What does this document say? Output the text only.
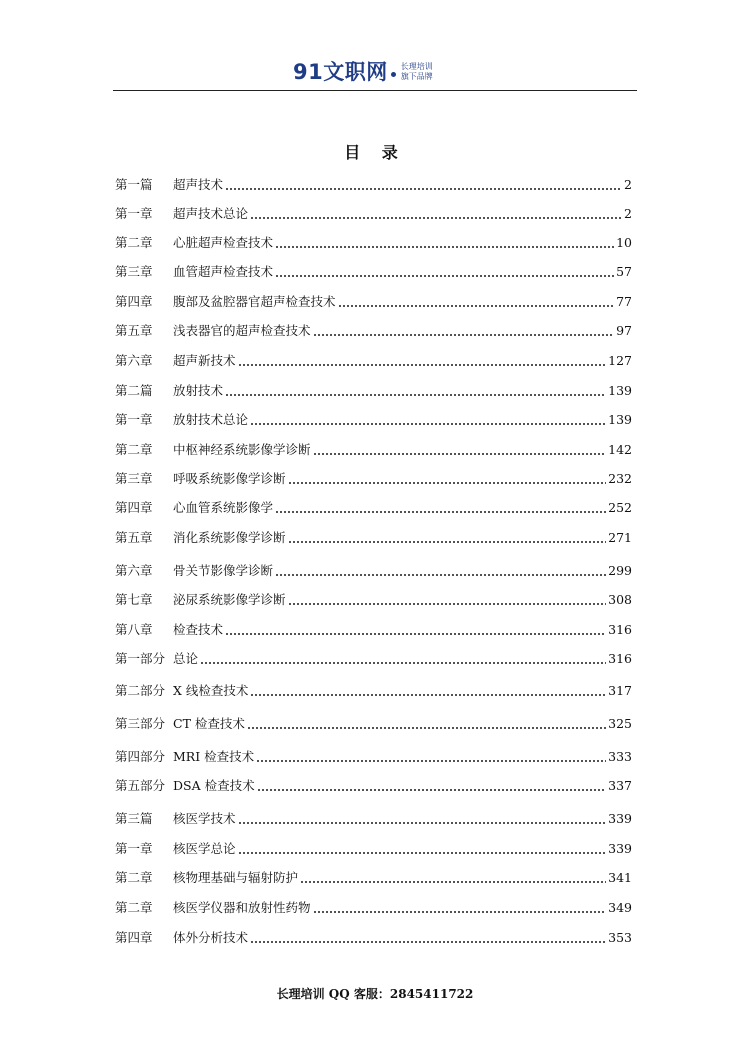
91文职网 长理培训
旗下品牌
目 录
第一篇	超声技术	2
第一章	超声技术总论	2
第二章	心脏超声检查技术	10
第三章	血管超声检查技术	57
第四章	腹部及盆腔器官超声检查技术	77
第五章	浅表器官的超声检查技术	97
第六章	超声新技术	127
第二篇	放射技术	139
第一章	放射技术总论	139
第二章	中枢神经系统影像学诊断	142
第三章	呼吸系统影像学诊断	232
第四章	心血管系统影像学	252
第五章	消化系统影像学诊断	271
第六章	骨关节影像学诊断	299
第七章	泌尿系统影像学诊断	308
第八章	检查技术	316
第一部分 总论	316
第二部分 X 线检查技术	317
第三部分 CT 检查技术	325
第四部分 MRI 检查技术	333
第五部分 DSA 检查技术	337
第三篇	核医学技术	339
第一章	核医学总论	339
第二章	核物理基础与辐射防护	341
第二章	核医学仪器和放射性药物	349
第四章	体外分析技术	353
长理培训 QQ 客服：2845411722
